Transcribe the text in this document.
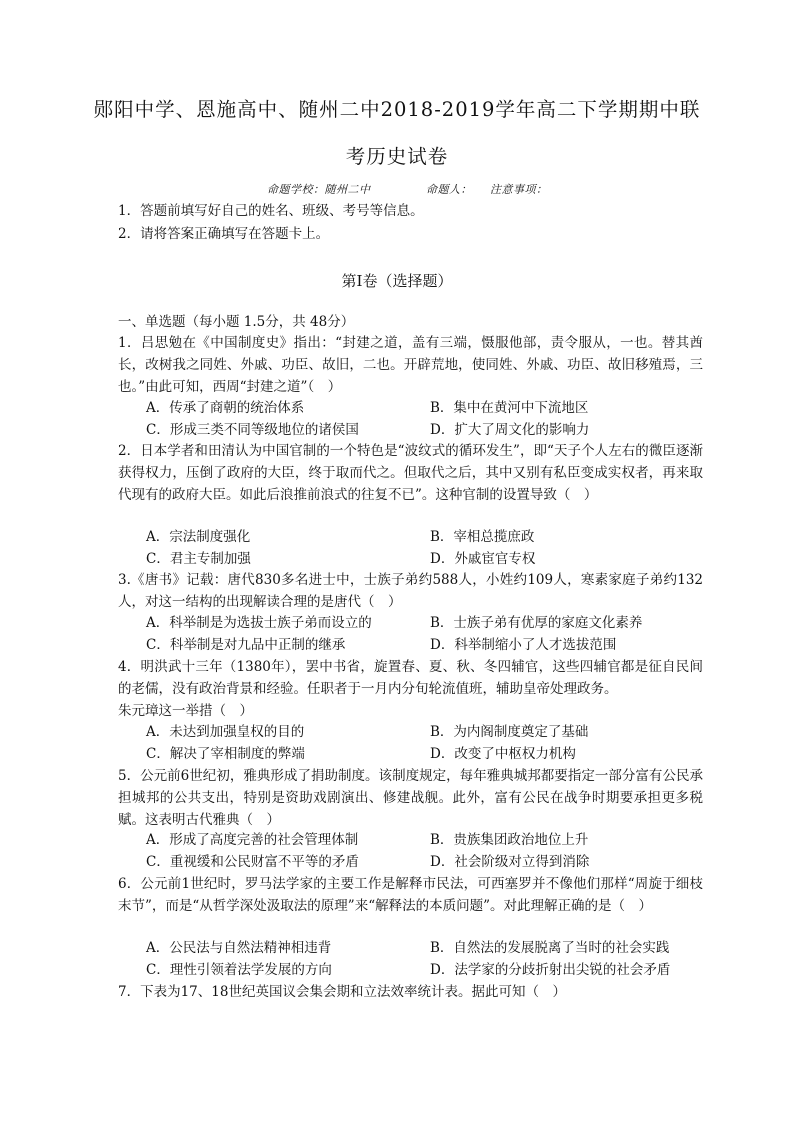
郧阳中学、恩施高中、随州二中2018-2019学年高二下学期期中联
考历史试卷
命题学校：随州二中	命题人： 注意事项：
1．答题前填写好自己的姓名、班级、考号等信息。
2．请将答案正确填写在答题卡上。
第I卷（选择题）
一、单选题（每小题 1.5分，共 48分）
1．吕思勉在《中国制度史》指出：“封建之道，盖有三端，慑服他部，责令服从，一也。替其酋长，改树我之同姓、外戚、功臣、故旧，二也。开辟荒地，使同姓、外戚、功臣、故旧移殖焉，三也。”由此可知，西周“封建之道”（　）
A．传承了商朝的统治体系	B．集中在黄河中下流地区
C．形成三类不同等级地位的诸侯国	D．扩大了周文化的影响力
2．日本学者和田清认为中国官制的一个特色是“波纹式的循环发生”，即“天子个人左右的微臣逐渐获得权力，压倒了政府的大臣，终于取而代之。但取代之后，其中又别有私臣变成实权者，再来取代现有的政府大臣。如此后浪推前浪式的往复不已”。这种官制的设置导致（　）
A．宗法制度强化	B．宰相总揽庶政
C．君主专制加强	D．外戚宦官专权
3.《唐书》记载：唐代830多名进士中，士族子弟约588人，小姓约109人，寒素家庭子弟约132人，对这一结构的出现解读合理的是唐代（　）
A．科举制是为选拔士族子弟而设立的	B．士族子弟有优厚的家庭文化素养
C．科举制是对九品中正制的继承	D．科举制缩小了人才选拔范围
4．明洪武十三年（1380年），罢中书省，旋置春、夏、秋、冬四辅官，这些四辅官都是征自民间的老儒，没有政治背景和经验。任职者于一月内分旬轮流值班，辅助皇帝处理政务。
朱元璋这一举措（　）
A．未达到加强皇权的目的	B．为内阁制度奠定了基础
C．解决了宰相制度的弊端	D．改变了中枢权力机构
5．公元前6世纪初，雅典形成了捐助制度。该制度规定，每年雅典城邦都要指定一部分富有公民承担城邦的公共支出，特别是资助戏剧演出、修建战舰。此外，富有公民在战争时期要承担更多税赋。这表明古代雅典（　）
A．形成了高度完善的社会管理体制	B．贵族集团政治地位上升
C．重视缓和公民财富不平等的矛盾	D．社会阶级对立得到消除
6．公元前1世纪时，罗马法学家的主要工作是解释市民法，可西塞罗并不像他们那样“周旋于细枝末节”，而是“从哲学深处汲取法的原理”来“解释法的本质问题”。对此理解正确的是（　）
A．公民法与自然法精神相违背	B．自然法的发展脱离了当时的社会实践
C．理性引领着法学发展的方向	D．法学家的分歧折射出尖锐的社会矛盾
7．下表为17、18世纪英国议会集会期和立法效率统计表。据此可知（　）
